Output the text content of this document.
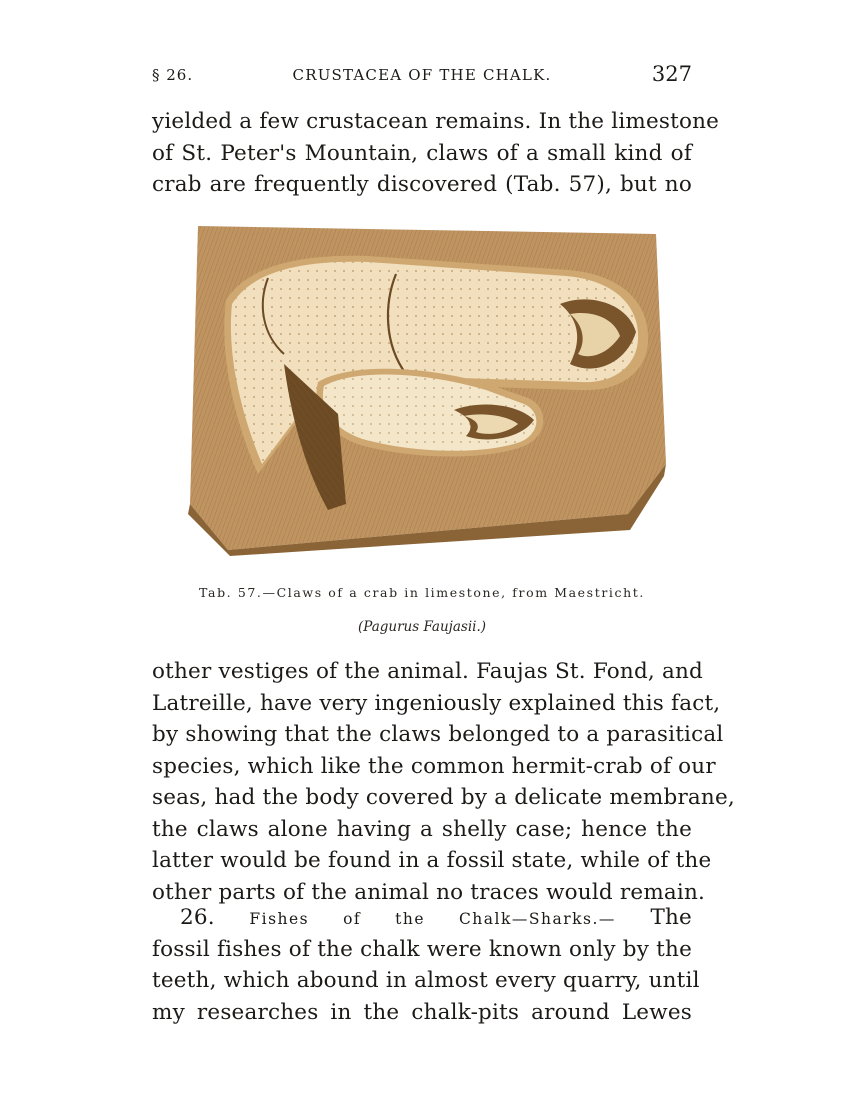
§ 26.	CRUSTACEA OF THE CHALK.	327
yielded a few crustacean remains. In the limestone
of St. Peter's Mountain, claws of a small kind of
crab are frequently discovered (Tab. 57), but no
Tab. 57.—Claws of a crab in limestone, from Maestricht.
(Pagurus Faujasii.)
other vestiges of the animal. Faujas St. Fond, and
Latreille, have very ingeniously explained this fact,
by showing that the claws belonged to a parasitical
species, which like the common hermit-crab of our
seas, had the body covered by a delicate membrane,
the claws alone having a shelly case; hence the
latter would be found in a fossil state, while of the
other parts of the animal no traces would remain.
26. Fishes of the Chalk—Sharks.— The
fossil fishes of the chalk were known only by the
teeth, which abound in almost every quarry, until
my researches in the chalk-pits around Lewes
